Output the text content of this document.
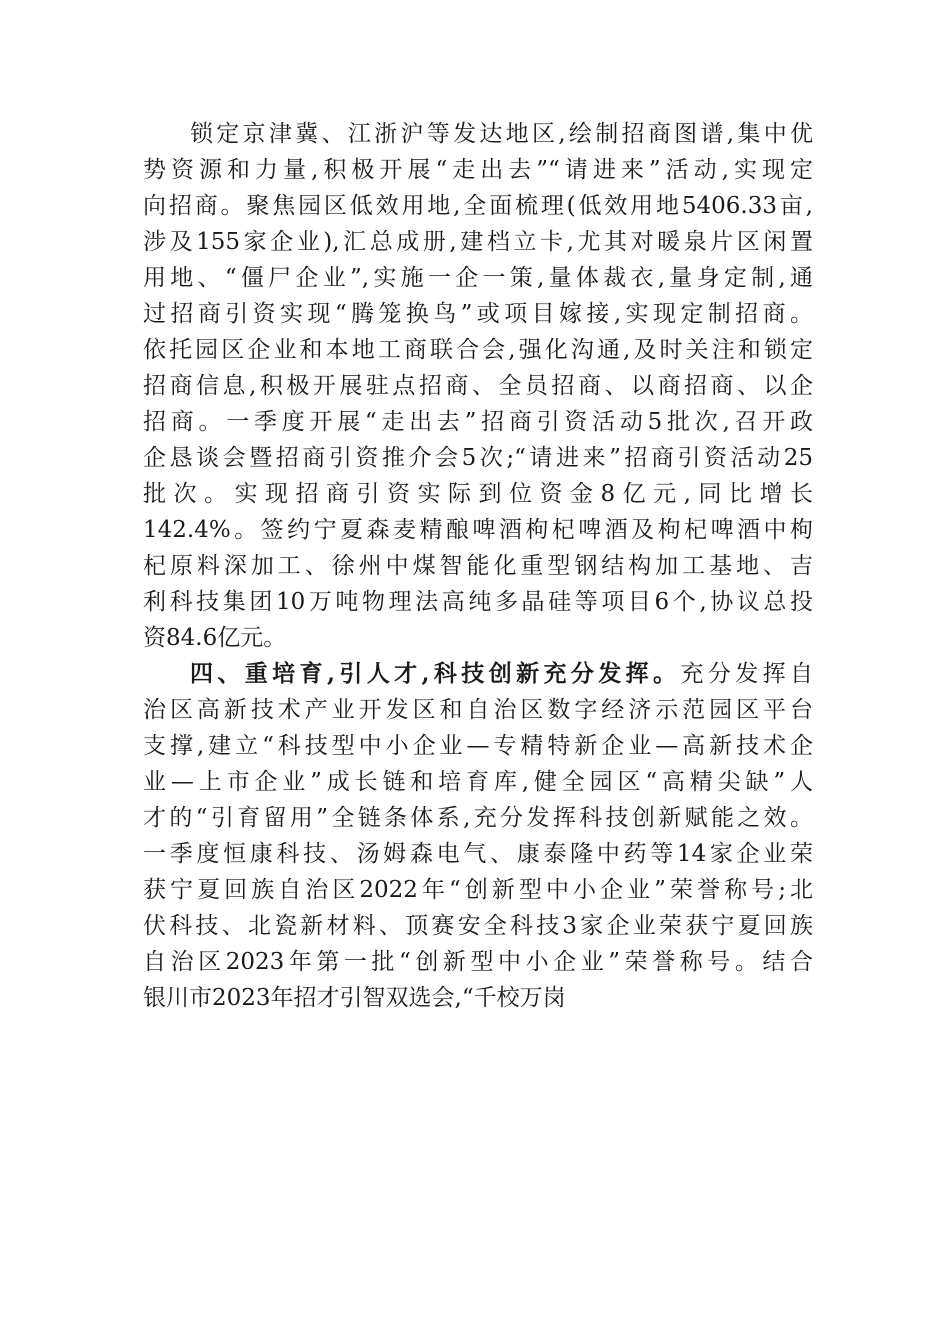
锁定京津冀、江浙沪等发达地区,绘制招商图谱,集中优
势资源和力量,积极开展“走出去”“请进来”活动,实现定
向招商。聚焦园区低效用地,全面梳理(低效用地5406.33亩,
涉及155家企业),汇总成册,建档立卡,尤其对暖泉片区闲置
用地、“僵尸企业”,实施一企一策,量体裁衣,量身定制,通
过招商引资实现“腾笼换鸟”或项目嫁接,实现定制招商。
依托园区企业和本地工商联合会,强化沟通,及时关注和锁定
招商信息,积极开展驻点招商、全员招商、以商招商、以企
招商。一季度开展“走出去”招商引资活动5批次,召开政
企恳谈会暨招商引资推介会5次;“请进来”招商引资活动25
批次。实现招商引资实际到位资金8亿元,同比增长
142.4%。签约宁夏森麦精酿啤酒枸杞啤酒及枸杞啤酒中枸
杞原料深加工、徐州中煤智能化重型钢结构加工基地、吉
利科技集团10万吨物理法高纯多晶硅等项目6个,协议总投
资84.6亿元。
四、重培育,引人才,科技创新充分发挥。充分发挥自
治区高新技术产业开发区和自治区数字经济示范园区平台
支撑,建立“科技型中小企业—专精特新企业—高新技术企
业—上市企业”成长链和培育库,健全园区“高精尖缺”人
才的“引育留用”全链条体系,充分发挥科技创新赋能之效。
一季度恒康科技、汤姆森电气、康泰隆中药等14家企业荣
获宁夏回族自治区2022年“创新型中小企业”荣誉称号;北
伏科技、北瓷新材料、顶赛安全科技3家企业荣获宁夏回族
自治区2023年第一批“创新型中小企业”荣誉称号。结合
银川市2023年招才引智双选会,“千校万岗
